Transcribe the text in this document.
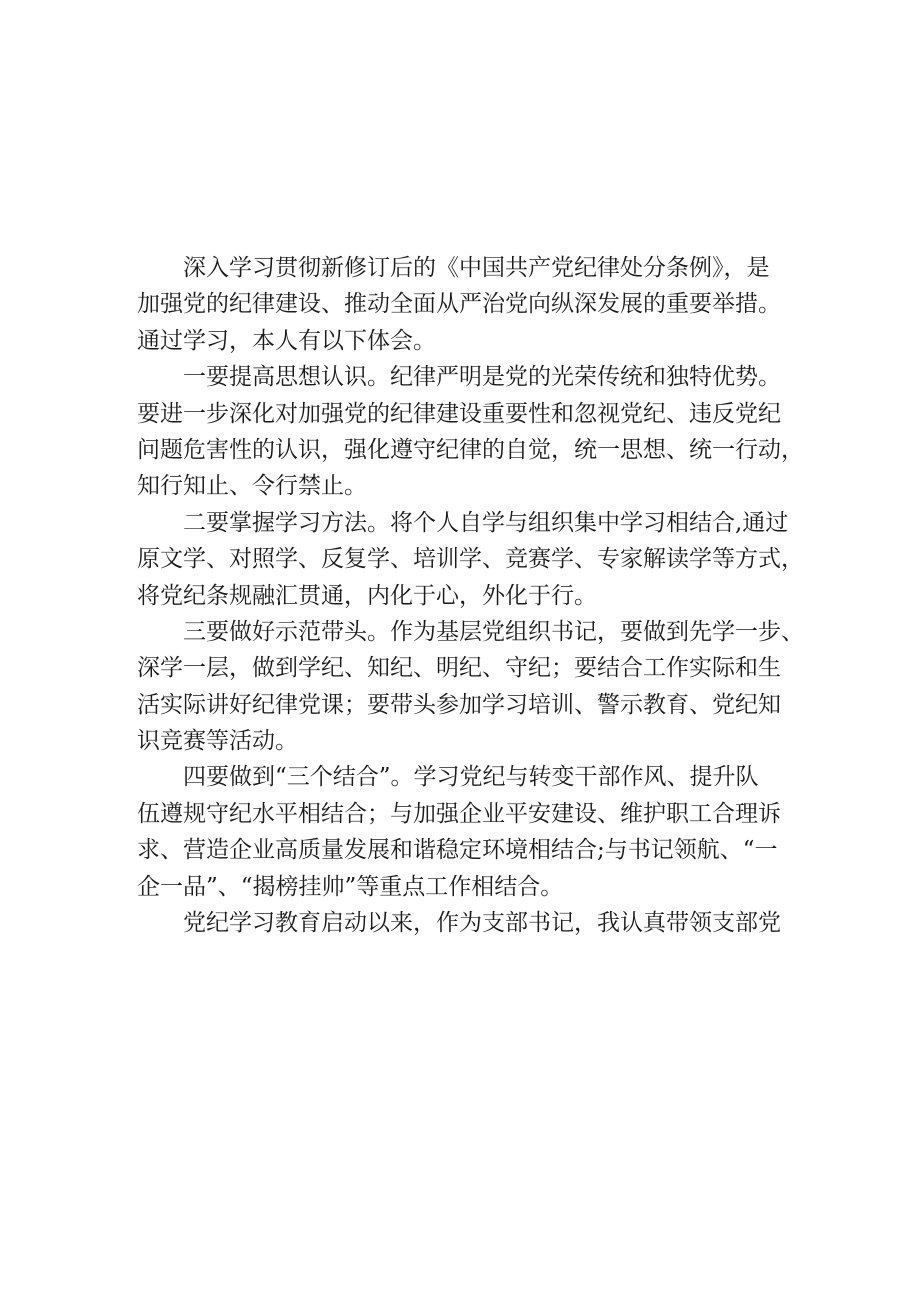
深入学习贯彻新修订后的《中国共产党纪律处分条例》，是
加强党的纪律建设、推动全面从严治党向纵深发展的重要举措。
通过学习，本人有以下体会。
一要提高思想认识。纪律严明是党的光荣传统和独特优势。
要进一步深化对加强党的纪律建设重要性和忽视党纪、违反党纪
问题危害性的认识，强化遵守纪律的自觉，统一思想、统一行动，
知行知止、令行禁止。
二要掌握学习方法。将个人自学与组织集中学习相结合,通过
原文学、对照学、反复学、培训学、竞赛学、专家解读学等方式，
将党纪条规融汇贯通，内化于心，外化于行。
三要做好示范带头。作为基层党组织书记，要做到先学一步、
深学一层，做到学纪、知纪、明纪、守纪；要结合工作实际和生
活实际讲好纪律党课；要带头参加学习培训、警示教育、党纪知
识竞赛等活动。
四要做到“三个结合”。学习党纪与转变干部作风、提升队
伍遵规守纪水平相结合；与加强企业平安建设、维护职工合理诉
求、营造企业高质量发展和谐稳定环境相结合;与书记领航、“一
企一品”、“揭榜挂帅”等重点工作相结合。
党纪学习教育启动以来，作为支部书记，我认真带领支部党
